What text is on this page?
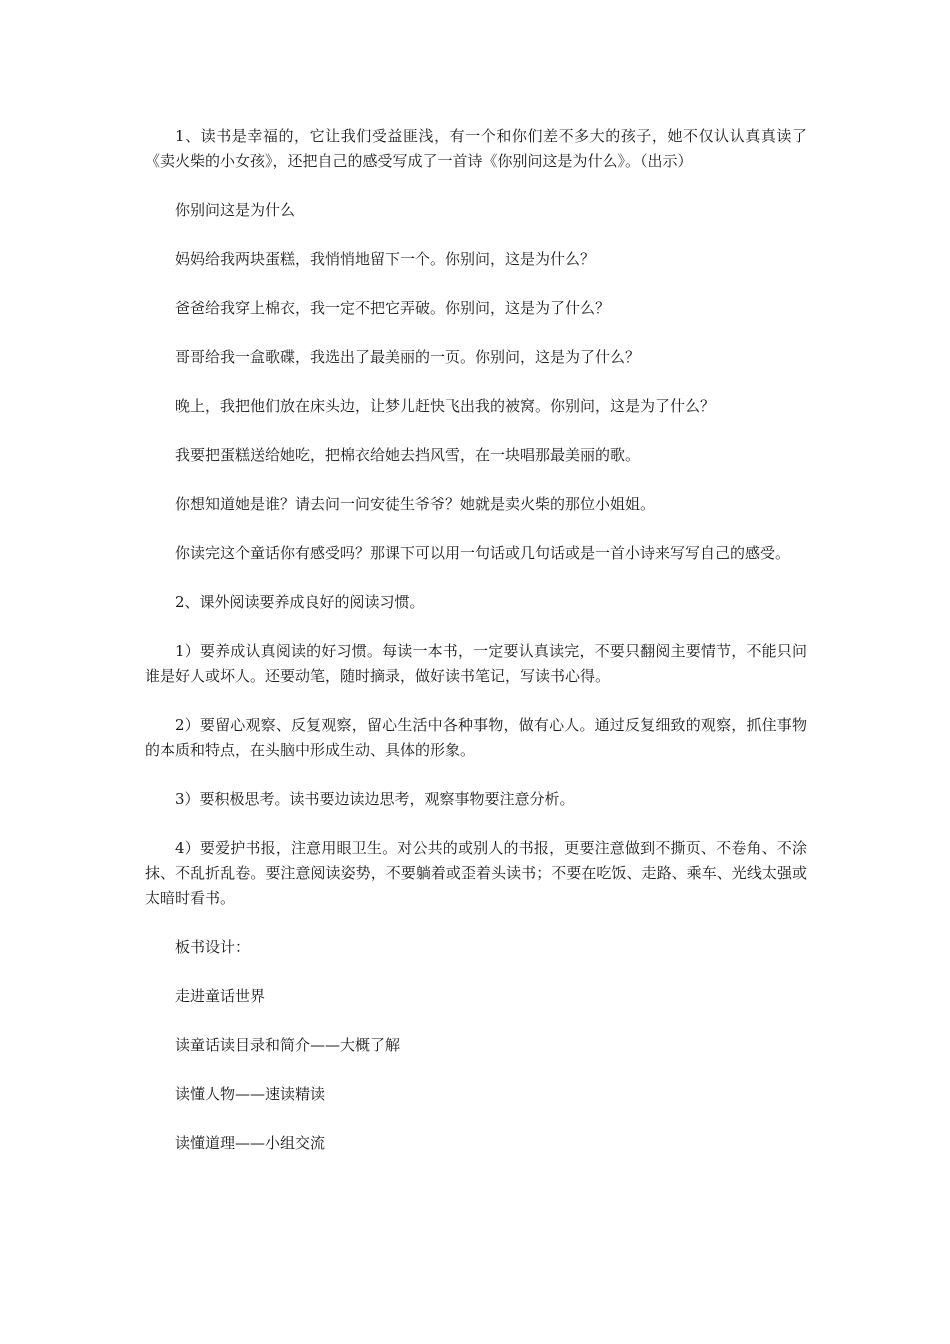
1、读书是幸福的，它让我们受益匪浅，有一个和你们差不多大的孩子，她不仅认认真真读了《卖火柴的小女孩》，还把自己的感受写成了一首诗《你别问这是为什么》。（出示）

你别问这是为什么

妈妈给我两块蛋糕，我悄悄地留下一个。你别问，这是为什么？

爸爸给我穿上棉衣，我一定不把它弄破。你别问，这是为了什么？

哥哥给我一盒歌碟，我选出了最美丽的一页。你别问，这是为了什么？

晚上，我把他们放在床头边，让梦儿赶快飞出我的被窝。你别问，这是为了什么？

我要把蛋糕送给她吃，把棉衣给她去挡风雪，在一块唱那最美丽的歌。

你想知道她是谁？请去问一问安徒生爷爷？她就是卖火柴的那位小姐姐。

你读完这个童话你有感受吗？那课下可以用一句话或几句话或是一首小诗来写写自己的感受。

2、课外阅读要养成良好的阅读习惯。

1）要养成认真阅读的好习惯。每读一本书，一定要认真读完，不要只翻阅主要情节，不能只问谁是好人或坏人。还要动笔，随时摘录，做好读书笔记，写读书心得。

2）要留心观察、反复观察，留心生活中各种事物，做有心人。通过反复细致的观察，抓住事物的本质和特点，在头脑中形成生动、具体的形象。

3）要积极思考。读书要边读边思考，观察事物要注意分析。

4）要爱护书报，注意用眼卫生。对公共的或别人的书报，更要注意做到不撕页、不卷角、不涂抹、不乱折乱卷。要注意阅读姿势，不要躺着或歪着头读书；不要在吃饭、走路、乘车、光线太强或太暗时看书。

板书设计：

走进童话世界

读童话读目录和简介——大概了解

读懂人物——速读精读

读懂道理——小组交流
